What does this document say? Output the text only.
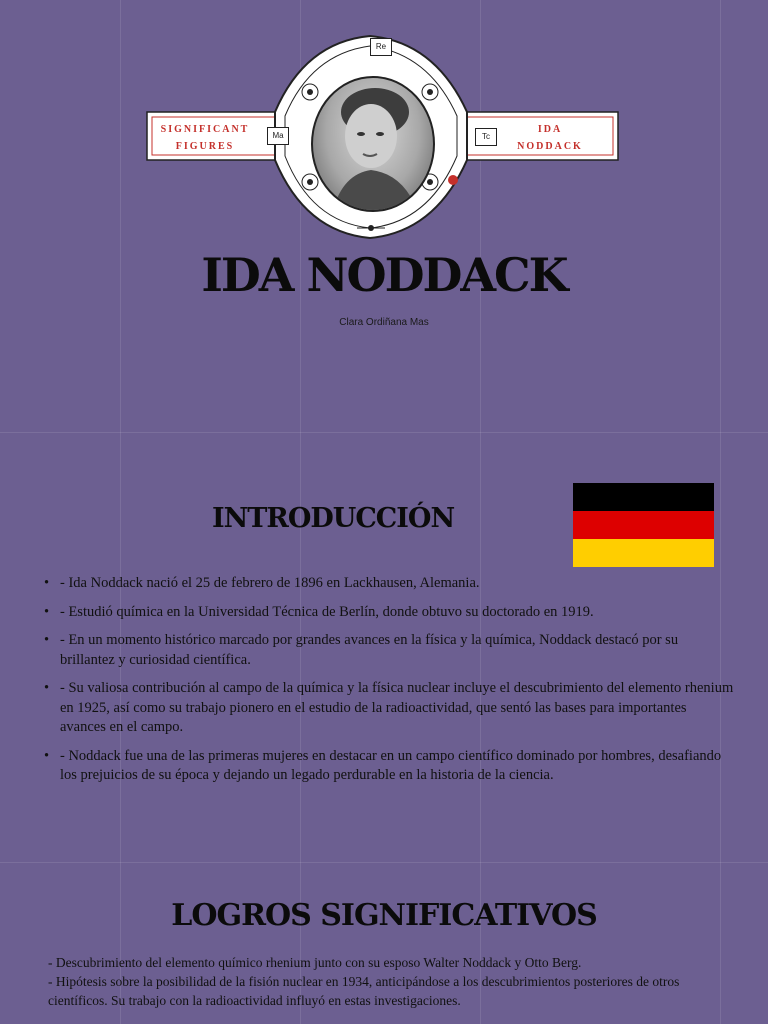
SIGNIFICANT
FIGURES
IDA
NODDACK
Re
Ma	Tc
IDA NODDACK
Clara Ordiñana Mas
INTRODUCCIÓN
• - Ida Noddack nació el 25 de febrero de 1896 en Lackhausen, Alemania.
• - Estudió química en la Universidad Técnica de Berlín, donde obtuvo su doctorado en 1919.
• - En un momento histórico marcado por grandes avances en la física y la química, Noddack destacó por su brillantez y curiosidad científica.
• - Su valiosa contribución al campo de la química y la física nuclear incluye el descubrimiento del elemento rhenium en 1925, así como su trabajo pionero en el estudio de la radioactividad, que sentó las bases para importantes avances en el campo.
• - Noddack fue una de las primeras mujeres en destacar en un campo científico dominado por hombres, desafiando los prejuicios de su época y dejando un legado perdurable en la historia de la ciencia.
LOGROS SIGNIFICATIVOS

- Descubrimiento del elemento químico rhenium junto con su esposo Walter Noddack y Otto Berg.

- Hipótesis sobre la posibilidad de la fisión nuclear en 1934, anticipándose a los descubrimientos posteriores de otros científicos. Su trabajo con la radioactividad influyó en estas investigaciones.
